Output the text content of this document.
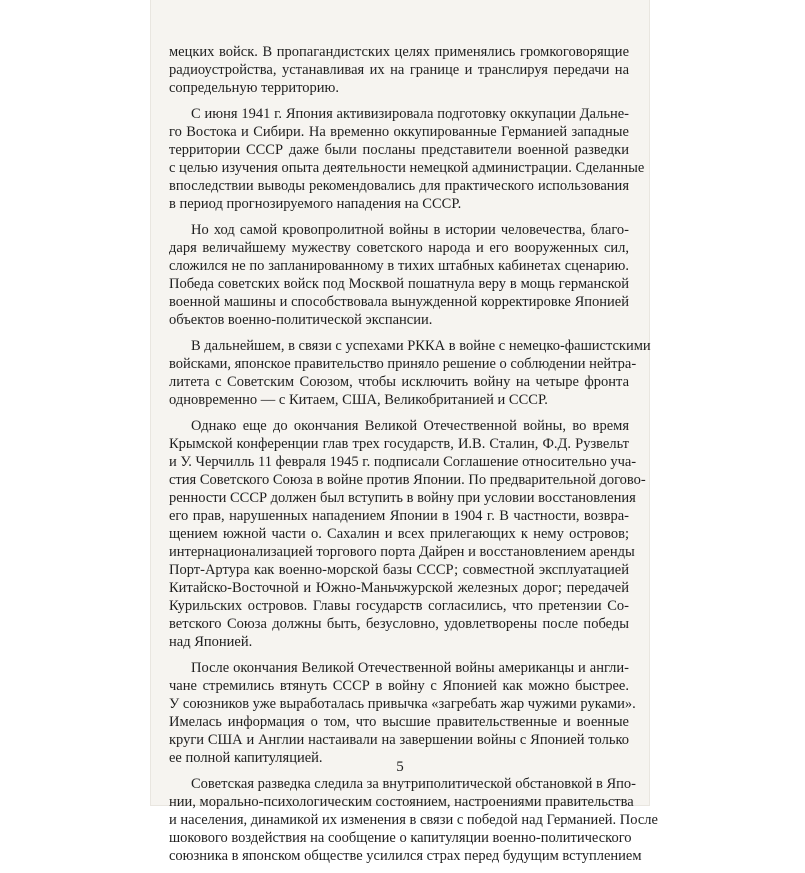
мецких войск. В пропагандистских целях применялись громкоговорящие
радиоустройства, устанавливая их на границе и транслируя передачи на
сопредельную территорию.

С июня 1941 г. Япония активизировала подготовку оккупации Дальне-
го Востока и Сибири. На временно оккупированные Германией западные
территории СССР даже были посланы представители военной разведки
с целью изучения опыта деятельности немецкой администрации. Сделанные
впоследствии выводы рекомендовались для практического использования
в период прогнозируемого нападения на СССР.

Но ход самой кровопролитной войны в истории человечества, благо-
даря величайшему мужеству советского народа и его вооруженных сил,
сложился не по запланированному в тихих штабных кабинетах сценарию.
Победа советских войск под Москвой пошатнула веру в мощь германской
военной машины и способствовала вынужденной корректировке Японией
объектов военно-политической экспансии.

В дальнейшем, в связи с успехами РККА в войне с немецко-фашистскими
войсками, японское правительство приняло решение о соблюдении нейтра-
литета с Советским Союзом, чтобы исключить войну на четыре фронта
одновременно — с Китаем, США, Великобританией и СССР.

Однако еще до окончания Великой Отечественной войны, во время
Крымской конференции глав трех государств, И.В. Сталин, Ф.Д. Рузвельт
и У. Черчилль 11 февраля 1945 г. подписали Соглашение относительно уча-
стия Советского Союза в войне против Японии. По предварительной догово-
ренности СССР должен был вступить в войну при условии восстановления
его прав, нарушенных нападением Японии в 1904 г. В частности, возвра-
щением южной части о. Сахалин и всех прилегающих к нему островов;
интернационализацией торгового порта Дайрен и восстановлением аренды
Порт-Артура как военно-морской базы СССР; совместной эксплуатацией
Китайско-Восточной и Южно-Маньчжурской железных дорог; передачей
Курильских островов. Главы государств согласились, что претензии Со-
ветского Союза должны быть, безусловно, удовлетворены после победы
над Японией.

После окончания Великой Отечественной войны американцы и англи-
чане стремились втянуть СССР в войну с Японией как можно быстрее.
У союзников уже выработалась привычка «загребать жар чужими руками».
Имелась информация о том, что высшие правительственные и военные
круги США и Англии настаивали на завершении войны с Японией только
ее полной капитуляцией.

Советская разведка следила за внутриполитической обстановкой в Япо-
нии, морально-психологическим состоянием, настроениями правительства
и населения, динамикой их изменения в связи с победой над Германией. После
шокового воздействия на сообщение о капитуляции военно-политического
союзника в японском обществе усилился страх перед будущим вступлением

5
